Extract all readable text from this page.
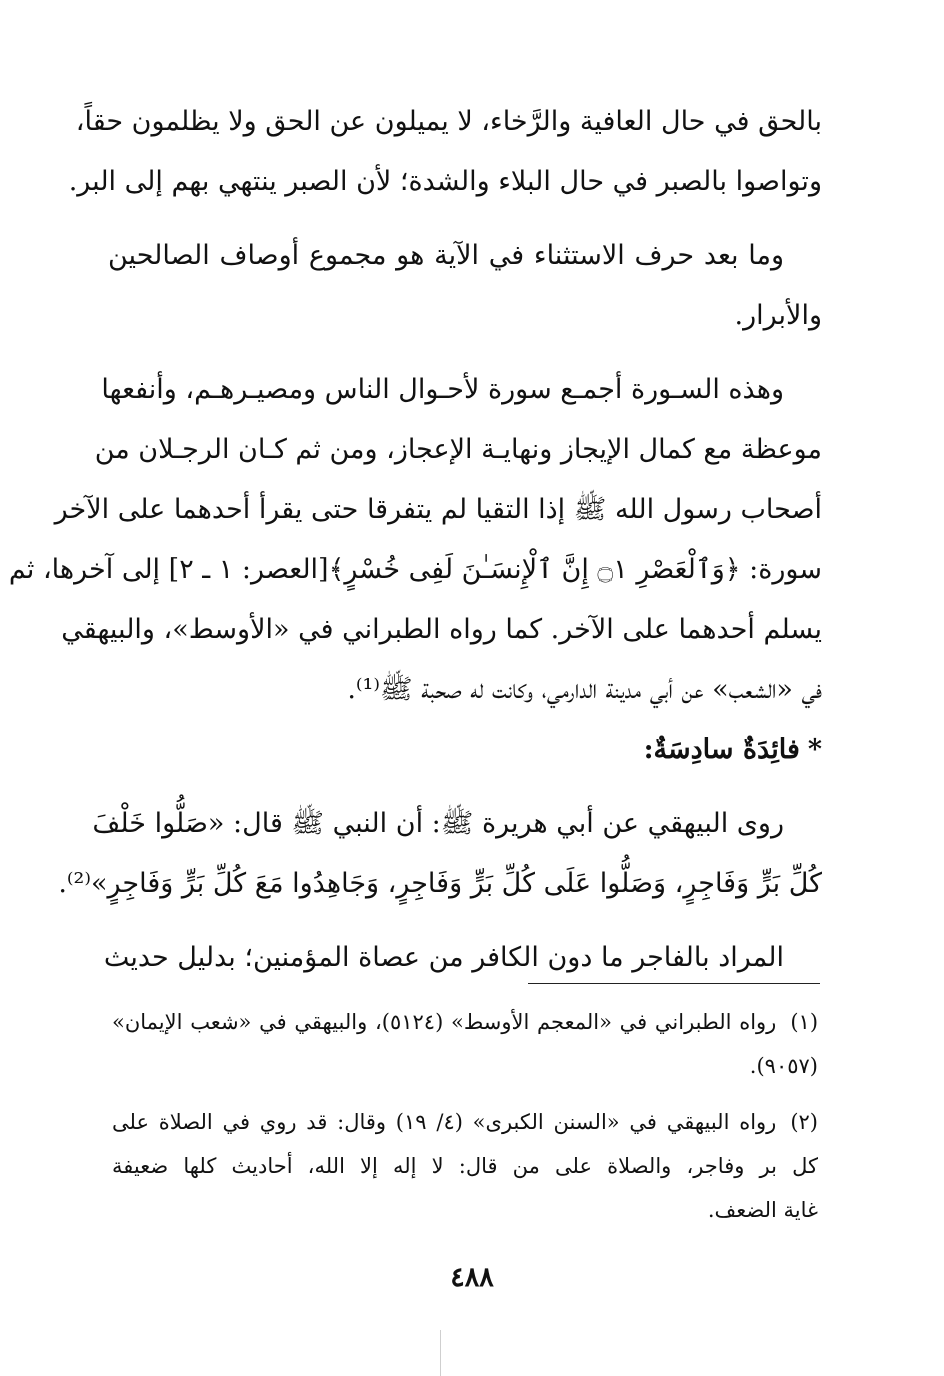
بالحق في حال العافية والرَّخاء، لا يميلون عن الحق ولا يظلمون حقاً،
وتواصوا بالصبر في حال البلاء والشدة؛ لأن الصبر ينتهي بهم إلى البر.
وما بعد حرف الاستثناء في الآية هو مجموع أوصاف الصالحين
والأبرار.
وهذه السـورة أجمـع سورة لأحـوال الناس ومصيـرهـم، وأنفعها
موعظة مع كمال الإيجاز ونهايـة الإعجاز، ومن ثم كـان الرجـلان من
أصحاب رسول الله ﷺ إذا التقيا لم يتفرقا حتى يقرأ أحدهما على الآخر
سورة: ﴿وَٱلْعَصْرِ ۝١ إِنَّ ٱلْإِنسَـٰنَ لَفِى خُسْرٍ﴾[العصر: ١ ـ ٢] إلى آخرها، ثم
يسلم أحدهما على الآخر. كما رواه الطبراني في «الأوسط»، والبيهقي
في «الشعب» عن أبي مدينة الدارمي، وكانت له صحبة ﷺ⁽¹⁾.
*فائِدَةٌ سادِسَةٌ:
روى البيهقي عن أبي هريرة ﷺ: أن النبي ﷺ قال: «صَلُّوا خَلْفَ
كُلِّ بَرٍّ وَفَاجِرٍ، وَصَلُّوا عَلَى كُلِّ بَرٍّ وَفَاجِرٍ، وَجَاهِدُوا مَعَ كُلِّ بَرٍّ وَفَاجِرٍ»⁽²⁾.
المراد بالفاجر ما دون الكافر من عصاة المؤمنين؛ بدليل حديث
(١)رواه الطبراني في «المعجم الأوسط» (٥١٢٤)، والبيهقي في «شعب الإيمان»
(٩٠٥٧).
(٢)رواه البيهقي في «السنن الكبرى» (٤/ ١٩) وقال: قد روي في الصلاة على
كل بر وفاجر، والصلاة على من قال: لا إله إلا الله، أحاديث كلها ضعيفة
غاية الضعف.
٤٨٨
